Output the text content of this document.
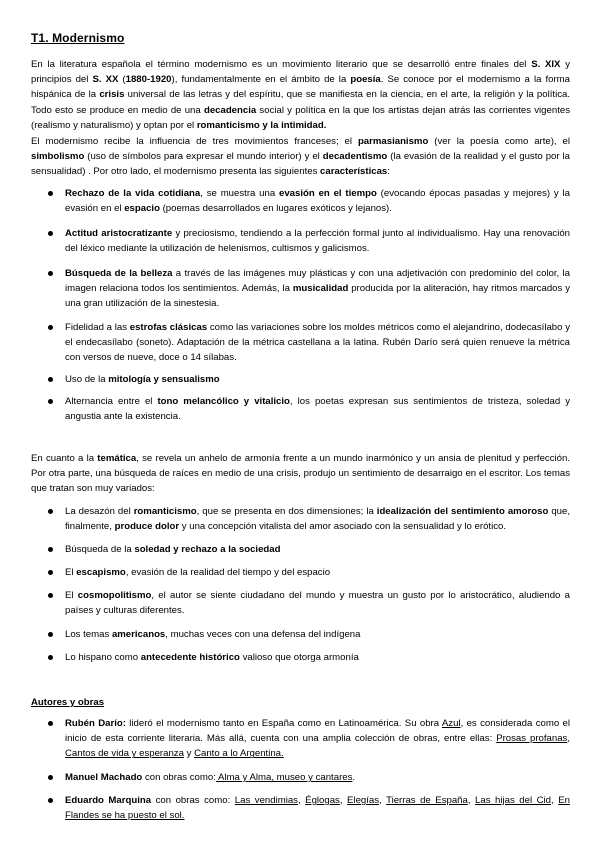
T1. Modernismo

En la literatura española el término modernismo es un movimiento literario que se desarrolló entre finales del S. XIX y principios del S. XX (1880-1920), fundamentalmente en el ámbito de la poesía. Se conoce por el modernismo a la forma hispánica de la crisis universal de las letras y del espíritu, que se manifiesta en la ciencia, en el arte, la religión y la política. Todo esto se produce en medio de una decadencia social y política en la que los artistas dejan atrás las corrientes vigentes (realismo y naturalismo) y optan por el romanticismo y la intimidad.

El modernismo recibe la influencia de tres movimientos franceses; el parmasianismo (ver la poesía como arte), el simbolismo (uso de símbolos para expresar el mundo interior) y el decadentismo (la evasión de la realidad y el gusto por la sensualidad) . Por otro lado, el modernismo presenta las siguientes características:

Rechazo de la vida cotidiana, se muestra una evasión en el tiempo (evocando épocas pasadas y mejores) y la evasión en el espacio (poemas desarrollados en lugares exóticos y lejanos).
Actitud aristocratizante y preciosismo, tendiendo a la perfección formal junto al individualismo. Hay una renovación del léxico mediante la utilización de helenismos, cultismos y galicismos.
Búsqueda de la belleza a través de las imágenes muy plásticas y con una adjetivación con predominio del color, la imagen relaciona todos los sentimientos. Además, la musicalidad producida por la aliteración, hay ritmos marcados y una gran utilización de la sinestesia.
Fidelidad a las estrofas clásicas como las variaciones sobre los moldes métricos como el alejandrino, dodecasílabo y el endecasílabo (soneto). Adaptación de la métrica castellana a la latina. Rubén Darío será quien renueve la métrica con versos de nueve, doce o 14 sílabas.
Uso de la mitología y sensualismo
Alternancia entre el tono melancólico y vitalicio, los poetas expresan sus sentimientos de tristeza, soledad y angustia ante la existencia.

En cuanto a la temática, se revela un anhelo de armonía frente a un mundo inarmónico y un ansia de plenitud y perfección. Por otra parte, una búsqueda de raíces en medio de una crisis, produjo un sentimiento de desarraigo en el escritor. Los temas que tratan son muy variados:

La desazón del romanticismo, que se presenta en dos dimensiones; la idealización del sentimiento amoroso que, finalmente, produce dolor y una concepción vitalista del amor asociado con la sensualidad y lo erótico.
Búsqueda de la soledad y rechazo a la sociedad
El escapismo, evasión de la realidad del tiempo y del espacio
El cosmopolitismo, el autor se siente ciudadano del mundo y muestra un gusto por lo aristocrático, aludiendo a países y culturas diferentes.
Los temas americanos, muchas veces con una defensa del indígena
Lo hispano como antecedente histórico valioso que otorga armonía
Autores y obras
Rubén Darío: lideró el modernismo tanto en España como en Latinoamérica. Su obra Azul, es considerada como el inicio de esta corriente literaria. Más allá, cuenta con una amplia colección de obras, entre ellas: Prosas profanas, Cantos de vida y esperanza y Canto a lo Argentina.
Manuel Machado con obras como: Alma y Alma, museo y cantares.
Eduardo Marquina con obras como: Las vendimias, Églogas, Elegías, Tierras de España, Las hijas del Cid, En Flandes se ha puesto el sol.
